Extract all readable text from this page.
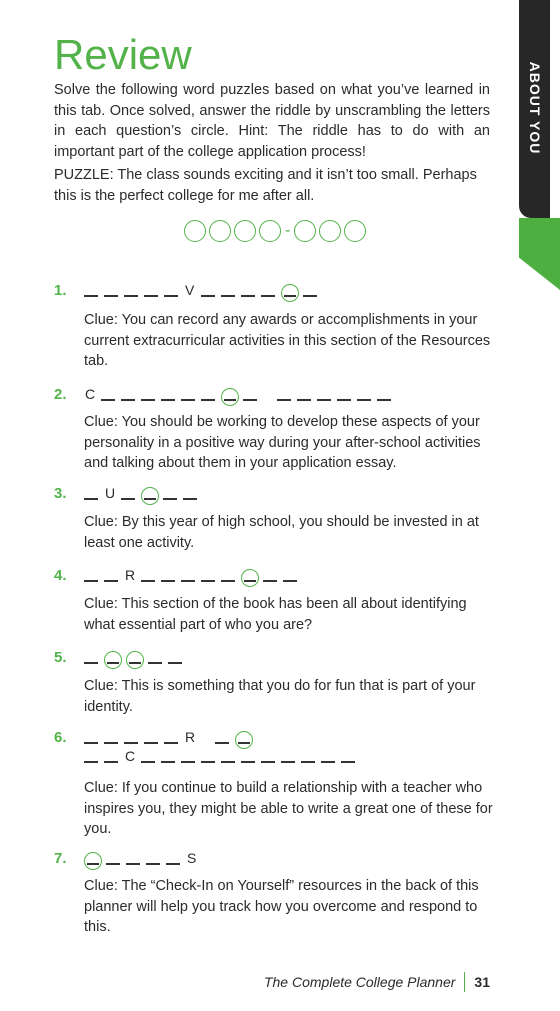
ABOUT YOU
Review

Solve the following word puzzles based on what you’ve learned in this tab. Once solved, answer the riddle by unscrambling the letters in each question’s circle. Hint: The riddle has to do with an important part of the college application process!

PUZZLE: The class sounds exciting and it isn’t too small. Perhaps this is the perfect college for me after all.

-
1.	V

Clue: You can record any awards or accomplishments in your current extracurricular activities in this section of the Resources tab.

2. C

Clue: You should be working to develop these aspects of your personality in a positive way during your after-school activities and talking about them in your application essay.

3.	U

Clue: By this year of high school, you should be invested in at least one activity.

4.	R

Clue: This section of the book has been all about identifying what essential part of who you are?

5.

Clue: This is something that you do for fun that is part of your identity.

6.	R
C

Clue: If you continue to build a relationship with a teacher who inspires you, they might be able to write a great one of these for you.

7.	S

Clue: The “Check-In on Yourself” resources in the back of this planner will help you track how you overcome and respond to this.

The Complete College Planner 31
